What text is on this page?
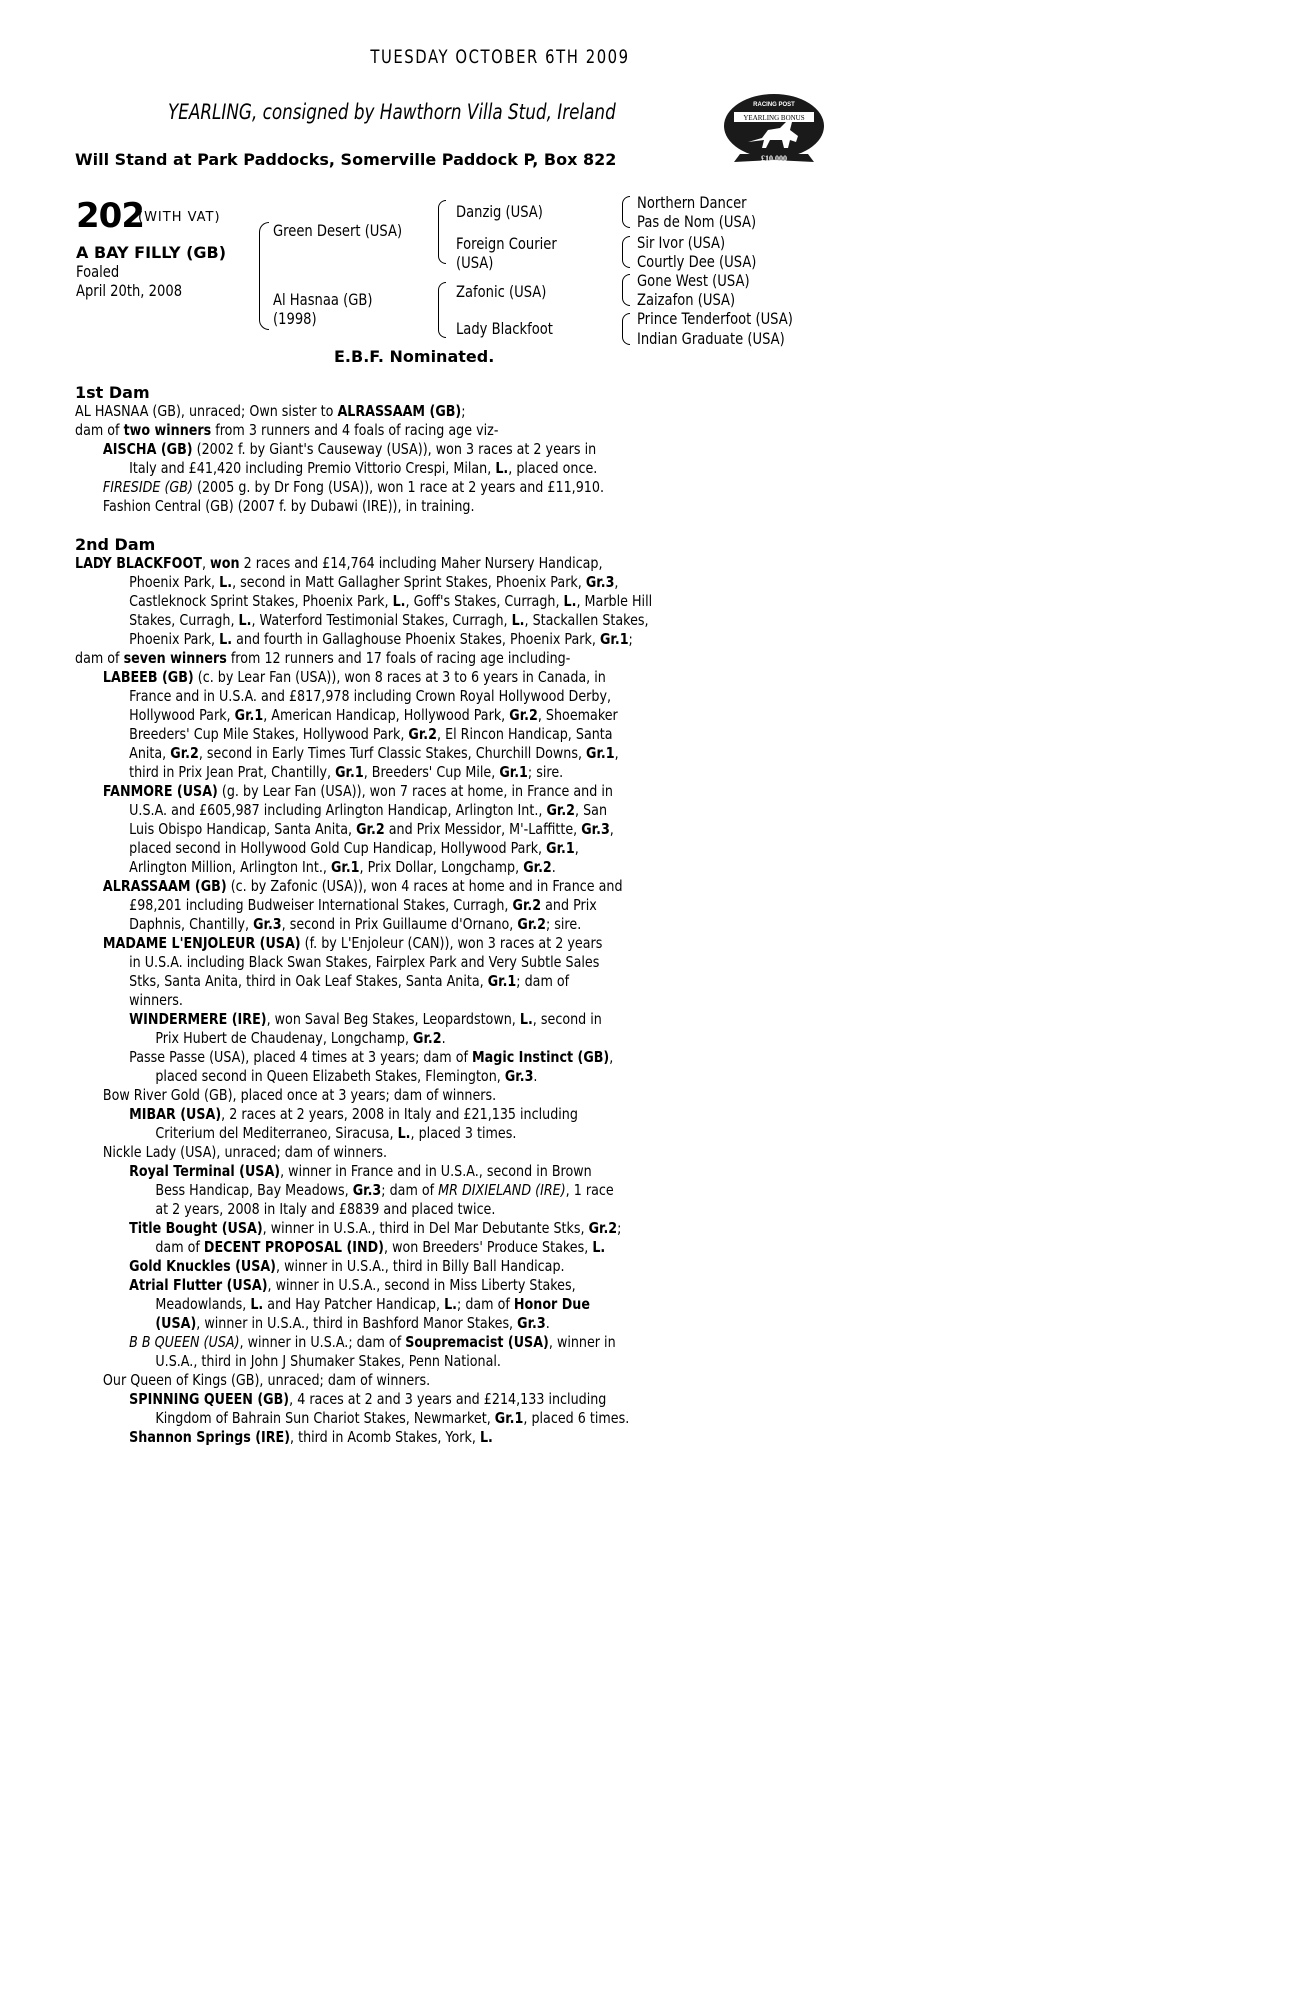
TUESDAY OCTOBER 6TH 2009
YEARLING, consigned by Hawthorn Villa Stud, Ireland
Will Stand at Park Paddocks, Somerville Paddock P, Box 822
RACING POST
YEARLING BONUS
£10,000
202
(WITH VAT)
A BAY FILLY (GB)
Foaled
April 20th, 2008
Green Desert (USA)
Al Hasnaa (GB)
(1998)
Danzig (USA)
Foreign Courier
(USA)
Zafonic (USA)
Lady Blackfoot
Northern Dancer
Pas de Nom (USA)
Sir Ivor (USA)
Courtly Dee (USA)
Gone West (USA)
Zaizafon (USA)
Prince Tenderfoot (USA)
Indian Graduate (USA)
E.B.F. Nominated.
1st Dam
AL HASNAA (GB), unraced; Own sister to ALRASSAAM (GB);
dam of two winners from 3 runners and 4 foals of racing age viz-
AISCHA (GB) (2002 f. by Giant's Causeway (USA)), won 3 races at 2 years in
Italy and £41,420 including Premio Vittorio Crespi, Milan, L., placed once.
FIRESIDE (GB) (2005 g. by Dr Fong (USA)), won 1 race at 2 years and £11,910.
Fashion Central (GB) (2007 f. by Dubawi (IRE)), in training.
2nd Dam
LADY BLACKFOOT, won 2 races and £14,764 including Maher Nursery Handicap,
Phoenix Park, L., second in Matt Gallagher Sprint Stakes, Phoenix Park, Gr.3,
Castleknock Sprint Stakes, Phoenix Park, L., Goff's Stakes, Curragh, L., Marble Hill
Stakes, Curragh, L., Waterford Testimonial Stakes, Curragh, L., Stackallen Stakes,
Phoenix Park, L. and fourth in Gallaghouse Phoenix Stakes, Phoenix Park, Gr.1;
dam of seven winners from 12 runners and 17 foals of racing age including-
LABEEB (GB) (c. by Lear Fan (USA)), won 8 races at 3 to 6 years in Canada, in
France and in U.S.A. and £817,978 including Crown Royal Hollywood Derby,
Hollywood Park, Gr.1, American Handicap, Hollywood Park, Gr.2, Shoemaker
Breeders' Cup Mile Stakes, Hollywood Park, Gr.2, El Rincon Handicap, Santa
Anita, Gr.2, second in Early Times Turf Classic Stakes, Churchill Downs, Gr.1,
third in Prix Jean Prat, Chantilly, Gr.1, Breeders' Cup Mile, Gr.1; sire.
FANMORE (USA) (g. by Lear Fan (USA)), won 7 races at home, in France and in
U.S.A. and £605,987 including Arlington Handicap, Arlington Int., Gr.2, San
Luis Obispo Handicap, Santa Anita, Gr.2 and Prix Messidor, M'-Laffitte, Gr.3,
placed second in Hollywood Gold Cup Handicap, Hollywood Park, Gr.1,
Arlington Million, Arlington Int., Gr.1, Prix Dollar, Longchamp, Gr.2.
ALRASSAAM (GB) (c. by Zafonic (USA)), won 4 races at home and in France and
£98,201 including Budweiser International Stakes, Curragh, Gr.2 and Prix
Daphnis, Chantilly, Gr.3, second in Prix Guillaume d'Ornano, Gr.2; sire.
MADAME L'ENJOLEUR (USA) (f. by L'Enjoleur (CAN)), won 3 races at 2 years
in U.S.A. including Black Swan Stakes, Fairplex Park and Very Subtle Sales
Stks, Santa Anita, third in Oak Leaf Stakes, Santa Anita, Gr.1; dam of
winners.
WINDERMERE (IRE), won Saval Beg Stakes, Leopardstown, L., second in
Prix Hubert de Chaudenay, Longchamp, Gr.2.
Passe Passe (USA), placed 4 times at 3 years; dam of Magic Instinct (GB),
placed second in Queen Elizabeth Stakes, Flemington, Gr.3.
Bow River Gold (GB), placed once at 3 years; dam of winners.
MIBAR (USA), 2 races at 2 years, 2008 in Italy and £21,135 including
Criterium del Mediterraneo, Siracusa, L., placed 3 times.
Nickle Lady (USA), unraced; dam of winners.
Royal Terminal (USA), winner in France and in U.S.A., second in Brown
Bess Handicap, Bay Meadows, Gr.3; dam of MR DIXIELAND (IRE), 1 race
at 2 years, 2008 in Italy and £8839 and placed twice.
Title Bought (USA), winner in U.S.A., third in Del Mar Debutante Stks, Gr.2;
dam of DECENT PROPOSAL (IND), won Breeders' Produce Stakes, L.
Gold Knuckles (USA), winner in U.S.A., third in Billy Ball Handicap.
Atrial Flutter (USA), winner in U.S.A., second in Miss Liberty Stakes,
Meadowlands, L. and Hay Patcher Handicap, L.; dam of Honor Due
(USA), winner in U.S.A., third in Bashford Manor Stakes, Gr.3.
B B QUEEN (USA), winner in U.S.A.; dam of Soupremacist (USA), winner in
U.S.A., third in John J Shumaker Stakes, Penn National.
Our Queen of Kings (GB), unraced; dam of winners.
SPINNING QUEEN (GB), 4 races at 2 and 3 years and £214,133 including
Kingdom of Bahrain Sun Chariot Stakes, Newmarket, Gr.1, placed 6 times.
Shannon Springs (IRE), third in Acomb Stakes, York, L.
